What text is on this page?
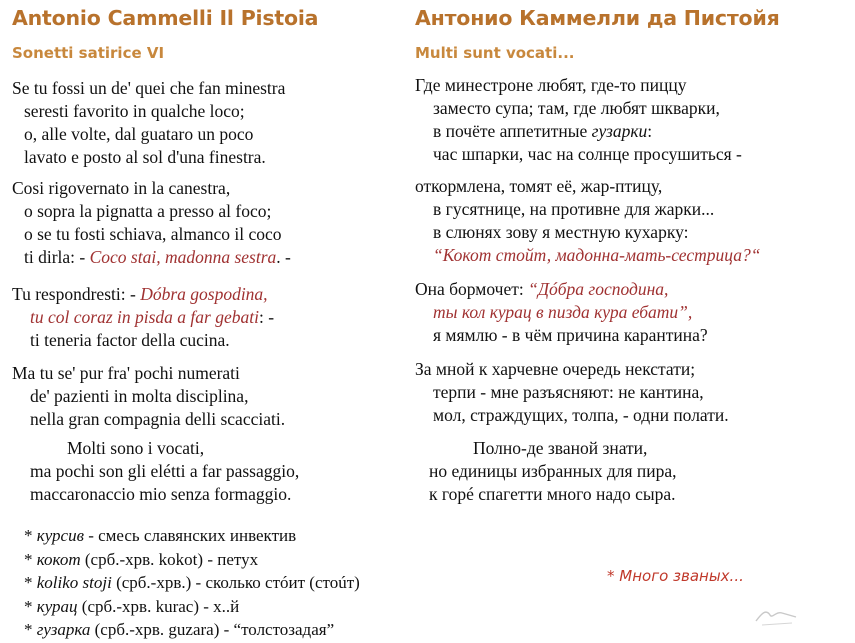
Antonio Cammelli Il Pistoia
Sonetti satirice VI
Se tu fossi un de' quei che fan minestra
seresti favorito in qualche loco;
o, alle volte, dal guataro un poco
lavato e posto al sol d'una finestra.
Cosi rigovernato in la canestra,
o sopra la pignatta a presso al foco;
o se tu fosti schiava, almanco il coco
ti dirla: - Coco stai, madonna sestra. -
Tu respondresti: - Dóbra gospodina,
tu col coraz in pisda a far gebati: -
ti teneria factor della cucina.
Ma tu se' pur fra' pochi numerati
de' pazienti in molta disciplina,
nella gran compagnia delli scacciati.
Molti sono i vocati,
ma pochi son gli elétti a far passaggio,
maccaronaccio mio senza formaggio.
Антонио Каммелли да Пистойя
Multi sunt vocati...
Где минестроне любят, где-то пиццу
заместо супа; там, где любят шкварки,
в почёте аппетитные гузарки:
час шпарки, час на солнце просушиться -
откормлена, томят её, жар-птицу,
в гусятнице, на противне для жарки...
в слюнях зову я местную кухарку:
“Кокот стойт, мадонна-мать-сестрица?“
Она бормочет: “Дóбра господина,
ты кол курац в пизда кура ебати”,
я мямлю - в чём причина карантина?
За мной к харчевне очередь некстати;
терпи - мне разъясняют: не кантина,
мол, страждущих, толпа, - одни полати.
Полно-де званой знати,
но единицы избранных для пира,
к горé спагетти много надо сыра.
* курсив - смесь славянских инвектив
* кокот (срб.-хрв. kokot) - петух
* koliko stoji (срб.-хрв.) - сколько стóит (стоúт)
* курац (срб.-хрв. kurac) - х..й
* гузарка (срб.-хрв. guzara) - “толстозадая”
* Много званых...
